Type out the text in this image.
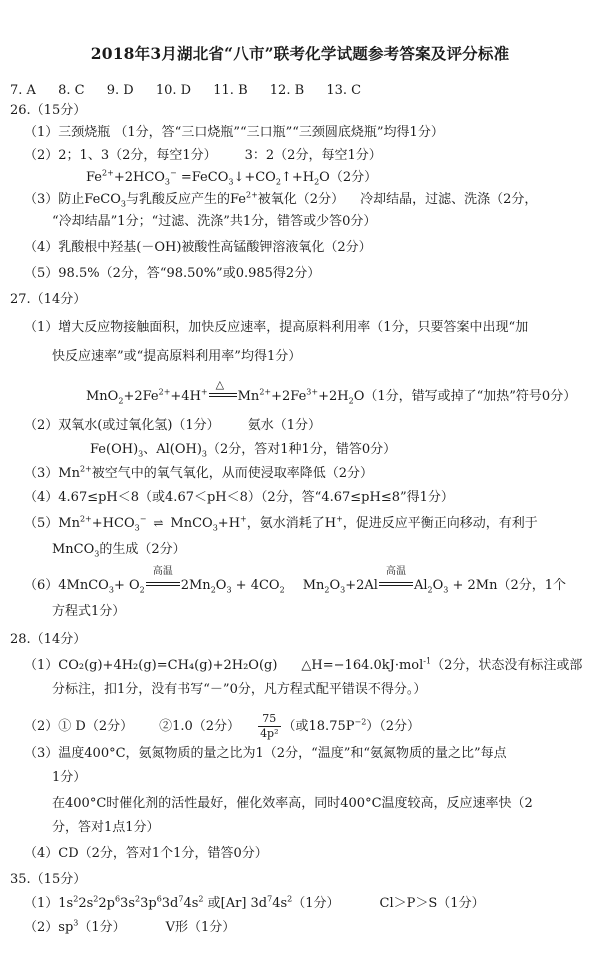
2018年3月湖北省“八市”联考化学试题参考答案及评分标准
7. A 8. C 9. D 10. D 11. B 12. B 13. C
26.（15分）
（1）三颈烧瓶 （1分，答“三口烧瓶”“三口瓶”“三颈圆底烧瓶”均得1分）
（2）2；1、3（2分，每空1分） 3：2（2分，每空1分）
$Fe^{2+}+2HCO_3^-$ $=FeCO_3↓+CO_2↑+H_2O(2$分）
（3）防止FeCO$_3$与乳酸反应产生的$Fe^{2+}$被氧化（2分） 冷却结晶，过滤、洗涤（2分，
“冷却结晶”1分；“过滤、洗涤”共1分，错答或少答0分）
（4）乳酸根中羟基(－OH)被酸性高锰酸钾溶液氧化（2分）
（5）98.5%（2分，答“98.50%”或0.985得2分）
27.（14分）
（1）增大反应物接触面积，加快反应速率，提高原料利用率（1分，只要答案中出现“加
快反应速率”或“提高原料利用率”均得1分）
$MnO_2+2Fe^{2+}+4H^+$
△
$Mn^{2+}+2Fe^{3+}+2H_2O(1$分，错写或掉了“加热”符号0分）
（2）双氧水(或过氧化氢)（1分） 氨水（1分）
$Fe(OH)_3$、$Al(OH)_3(2$分，答对1种1分，错答0分）
$(3)Mn^{2+}$被空气中的氧气氧化，从而使浸取率降低（2分）
（4）4.67≤pH＜8（或4.67＜pH＜8）（2分，答“4.67≤pH≤8”得1分）
$(5)Mn^{2+}+HCO_3^-$ ⇌ MnCO$_3$+H+，氨水消耗了H+，促进反应平衡正向移动，有利于
MnCO$_3$的生成（2分）
（6）4MnCO$_3$+ $O_2$
高温
$2Mn_2O_3 + 4CO_2$ $Mn_2O_3+2Al$
高温
$Al_2O_3 + 2Mn(2$分，1个
方程式1分）
28.（14分）
（1）CO₂(g)+4H₂(g)=CH₄(g)+2H₂O(g) △H=−164.0kJ·mol$^{-1}$（2分，状态没有标注或部
分标注，扣1分，没有书写“－”0分，凡方程式配平错误不得分。）
（2）① D（2分） ②1.0（2分） $\frac{75}{\text{4p²}}$ （或$18.75P^{-2})(2$分）
（3）温度400°C，氨氮物质的量之比为1（2分，“温度”和“氨氮物质的量之比”每点
1分）
在400°C时催化剂的活性最好，催化效率高，同时400°C温度较高，反应速率快（2
分，答对1点1分）
（4）CD（2分，答对1个1分，错答0分）
35.（15分）
$(1)1s^22s^22p^63s^23p^63d^74s^2$ 或[Ar] $3d^74s^2(1$分）	Cl＞P＞S（1分）
$(2)sp^3(1$分）	V形（1分）
